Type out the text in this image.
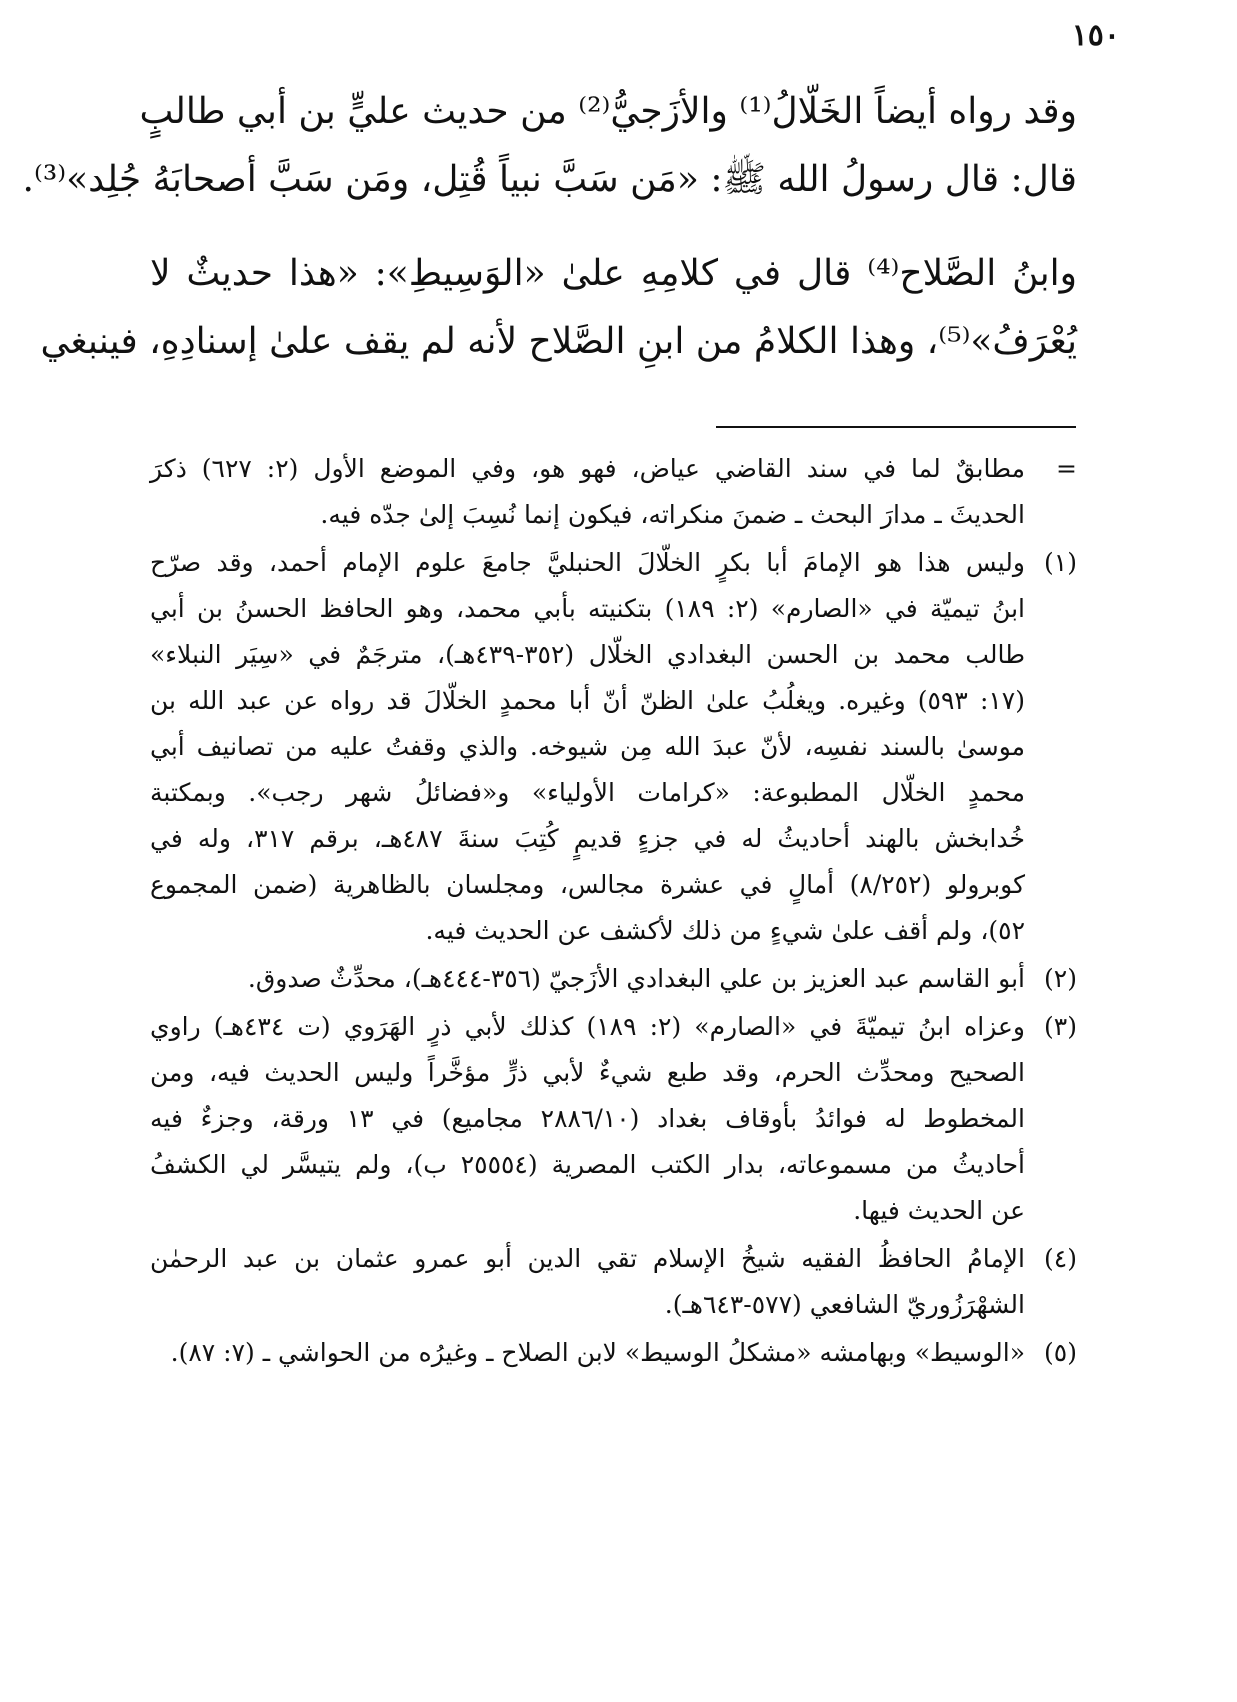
١٥٠
وقد رواه أيضاً الخَلّالُ⁽¹⁾ والأزَجيُّ⁽²⁾ من حديث عليٍّ بن أبي طالبٍ
قال: قال رسولُ الله ﷺ: «مَن سَبَّ نبياً قُتِل، ومَن سَبَّ أصحابَهُ جُلِد»⁽³⁾.
وابنُ الصَّلاح⁽⁴⁾ قال في كلامِهِ علىٰ «الوَسِيطِ»: «هذا حديثٌ لا
يُعْرَفُ»⁽⁵⁾، وهذا الكلامُ من ابنِ الصَّلاح لأنه لم يقف علىٰ إسنادِهِ، فينبغي
=
مطابقٌ لما في سند القاضي عياض، فهو هو، وفي الموضع الأول (٢: ٦٢٧) ذكرَ
الحديثَ ـ مدارَ البحث ـ ضمنَ منكراته، فيكون إنما نُسِبَ إلىٰ جدّه فيه.
(١)
وليس هذا هو الإمامَ أبا بكرٍ الخلّالَ الحنبليَّ جامعَ علوم الإمام أحمد، وقد صرّح
ابنُ تيميّة في «الصارم» (٢: ١٨٩) بتكنيته بأبي محمد، وهو الحافظ الحسنُ بن أبي
طالب محمد بن الحسن البغدادي الخلّال (٣٥٢-٤٣٩هـ)، مترجَمٌ في «سِيَر النبلاء»
(١٧: ٥٩٣) وغيره. ويغلُبُ علىٰ الظنّ أنّ أبا محمدٍ الخلّالَ قد رواه عن عبد الله بن
موسىٰ بالسند نفسِه، لأنّ عبدَ الله مِن شيوخه. والذي وقفتُ عليه من تصانيف أبي
محمدٍ الخلّال المطبوعة: «كرامات الأولياء» و«فضائلُ شهر رجب». وبمكتبة
خُدابخش بالهند أحاديثُ له في جزءٍ قديمٍ كُتِبَ سنةَ ٤٨٧هـ، برقم ٣١٧، وله في
كوبرولو (٨/٢٥٢) أمالٍ في عشرة مجالس، ومجلسان بالظاهرية (ضمن المجموع
٥٢)، ولم أقف علىٰ شيءٍ من ذلك لأكشف عن الحديث فيه.
(٢)
أبو القاسم عبد العزيز بن علي البغدادي الأزَجيّ (٣٥٦-٤٤٤هـ)، محدِّثٌ صدوق.
(٣)
وعزاه ابنُ تيميّةَ في «الصارم» (٢: ١٨٩) كذلك لأبي ذرٍ الهَرَوي (ت ٤٣٤هـ) راوي
الصحيح ومحدِّث الحرم، وقد طبع شيءٌ لأبي ذرٍّ مؤخَّراً وليس الحديث فيه، ومن
المخطوط له فوائدُ بأوقاف بغداد (٢٨٨٦/١٠ مجاميع) في ١٣ ورقة، وجزءٌ فيه
أحاديثُ من مسموعاته، بدار الكتب المصرية (٢٥٥٥٤ ب)، ولم يتيسَّر لي الكشفُ
عن الحديث فيها.
(٤)
الإمامُ الحافظُ الفقيه شيخُ الإسلام تقي الدين أبو عمرو عثمان بن عبد الرحمٰن
الشهْرَزُوريّ الشافعي (٥٧٧-٦٤٣هـ).
(٥)
«الوسيط» وبهامشه «مشكلُ الوسيط» لابن الصلاح ـ وغيرُه من الحواشي ـ (٧: ٨٧).
